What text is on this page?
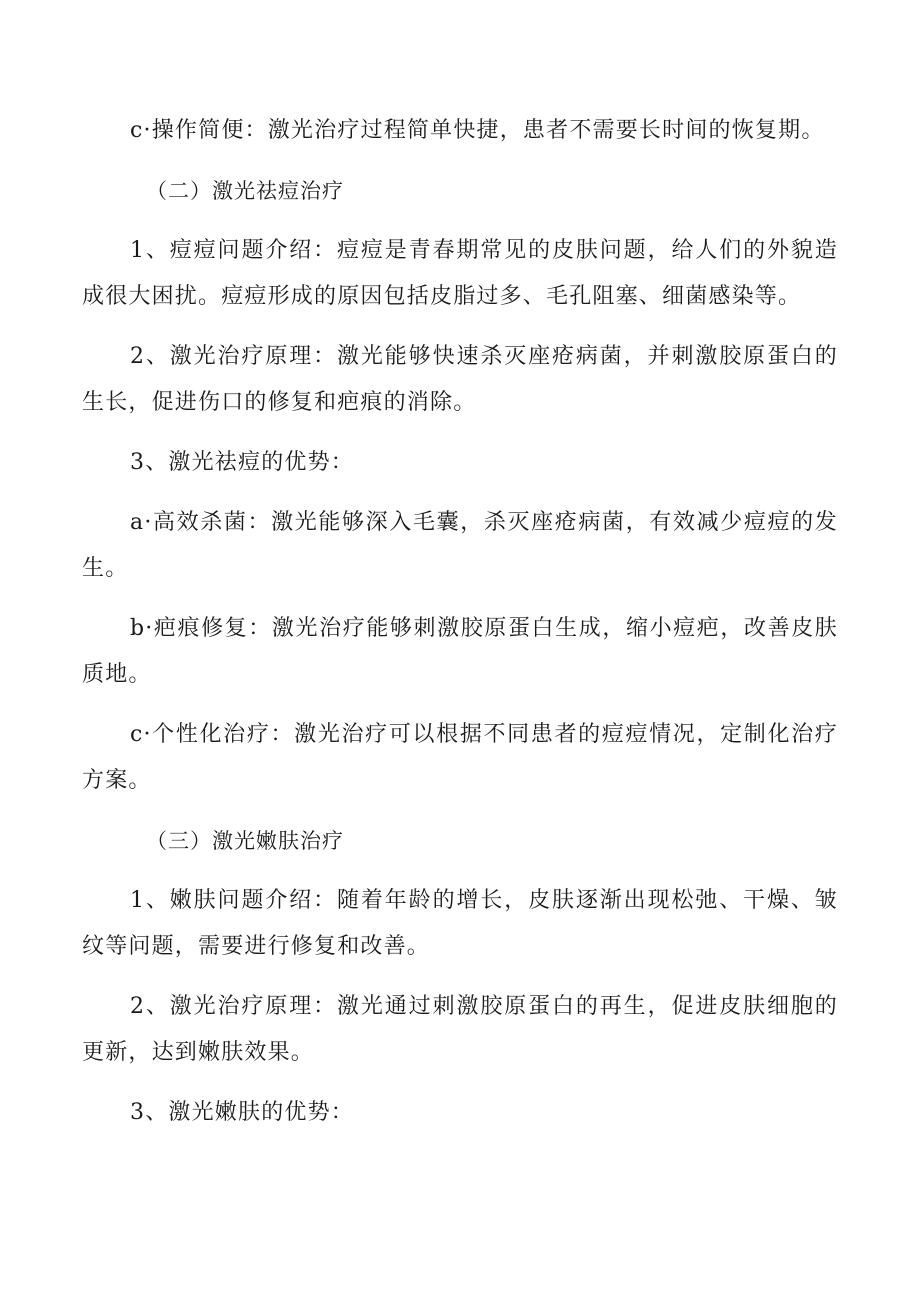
c·操作简便：激光治疗过程简单快捷，患者不需要长时间的恢复期。

（二）激光祛痘治疗

1、痘痘问题介绍：痘痘是青春期常见的皮肤问题，给人们的外貌造成很大困扰。痘痘形成的原因包括皮脂过多、毛孔阻塞、细菌感染等。

2、激光治疗原理：激光能够快速杀灭座疮病菌，并刺激胶原蛋白的生长，促进伤口的修复和疤痕的消除。

3、激光祛痘的优势：

a·高效杀菌：激光能够深入毛囊，杀灭座疮病菌，有效减少痘痘的发生。

b·疤痕修复：激光治疗能够刺激胶原蛋白生成，缩小痘疤，改善皮肤质地。

c·个性化治疗：激光治疗可以根据不同患者的痘痘情况，定制化治疗方案。

（三）激光嫩肤治疗

1、嫩肤问题介绍：随着年龄的增长，皮肤逐渐出现松弛、干燥、皱纹等问题，需要进行修复和改善。

2、激光治疗原理：激光通过刺激胶原蛋白的再生，促进皮肤细胞的更新，达到嫩肤效果。

3、激光嫩肤的优势：
